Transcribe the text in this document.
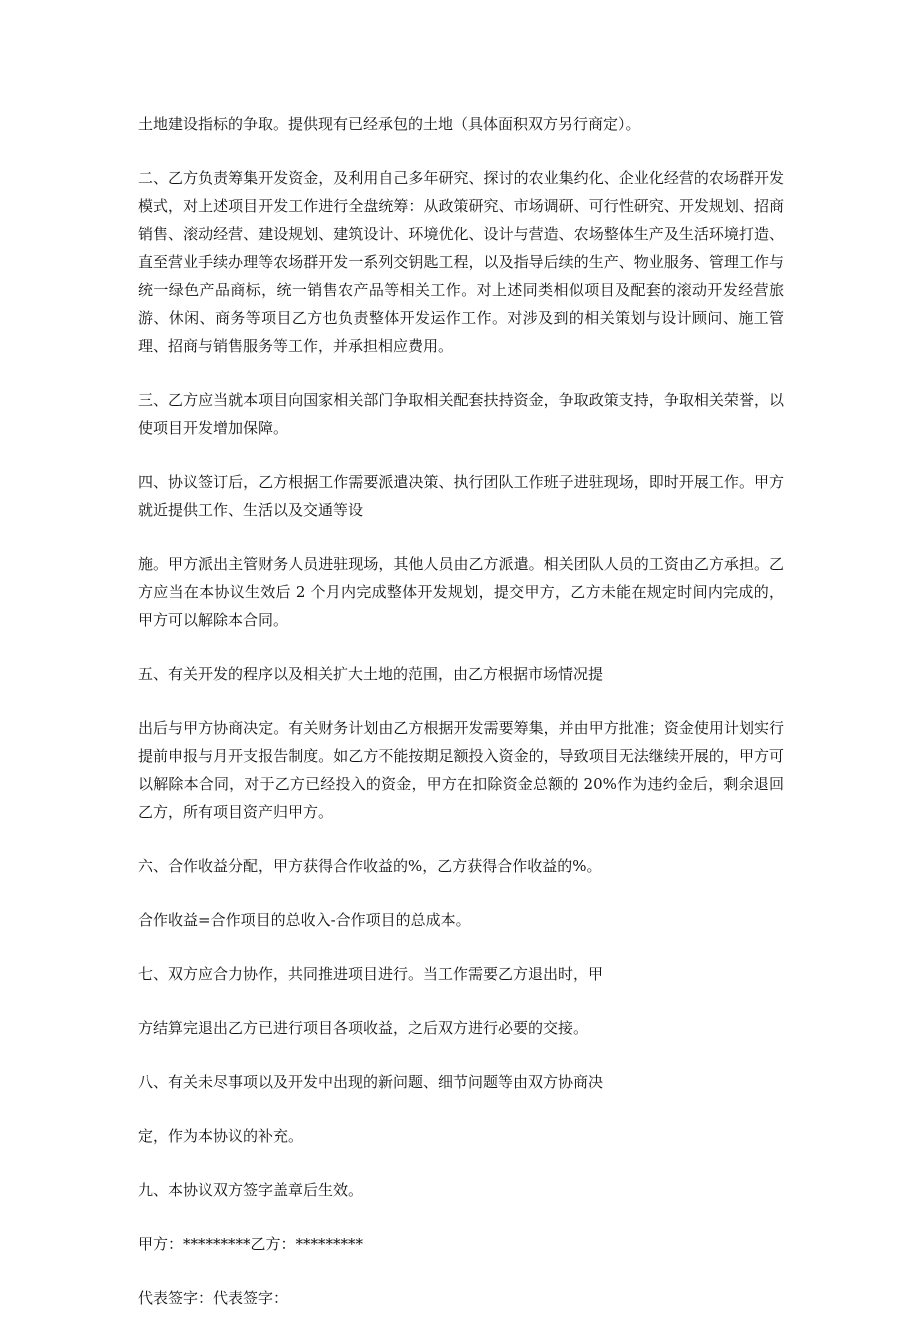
土地建设指标的争取。提供现有已经承包的土地（具体面积双方另行商定）。

二、乙方负责筹集开发资金，及利用自己多年研究、探讨的农业集约化、企业化经营的农场群开发模式，对上述项目开发工作进行全盘统筹：从政策研究、市场调研、可行性研究、开发规划、招商销售、滚动经营、建设规划、建筑设计、环境优化、设计与营造、农场整体生产及生活环境打造、直至营业手续办理等农场群开发一系列交钥匙工程，以及指导后续的生产、物业服务、管理工作与统一绿色产品商标，统一销售农产品等相关工作。对上述同类相似项目及配套的滚动开发经营旅游、休闲、商务等项目乙方也负责整体开发运作工作。对涉及到的相关策划与设计顾问、施工管理、招商与销售服务等工作，并承担相应费用。

三、乙方应当就本项目向国家相关部门争取相关配套扶持资金，争取政策支持，争取相关荣誉，以使项目开发增加保障。

四、协议签订后，乙方根据工作需要派遣决策、执行团队工作班子进驻现场，即时开展工作。甲方就近提供工作、生活以及交通等设

施。甲方派出主管财务人员进驻现场，其他人员由乙方派遣。相关团队人员的工资由乙方承担。乙方应当在本协议生效后 2 个月内完成整体开发规划，提交甲方，乙方未能在规定时间内完成的，甲方可以解除本合同。

五、有关开发的程序以及相关扩大土地的范围，由乙方根据市场情况提

出后与甲方协商决定。有关财务计划由乙方根据开发需要筹集，并由甲方批准；资金使用计划实行提前申报与月开支报告制度。如乙方不能按期足额投入资金的，导致项目无法继续开展的，甲方可以解除本合同，对于乙方已经投入的资金，甲方在扣除资金总额的 20%作为违约金后，剩余退回乙方，所有项目资产归甲方。

六、合作收益分配，甲方获得合作收益的%，乙方获得合作收益的%。

合作收益=合作项目的总收入-合作项目的总成本。

七、双方应合力协作，共同推进项目进行。当工作需要乙方退出时，甲

方结算完退出乙方已进行项目各项收益，之后双方进行必要的交接。

八、有关未尽事项以及开发中出现的新问题、细节问题等由双方协商决

定，作为本协议的补充。

九、本协议双方签字盖章后生效。

甲方：*********乙方：*********

代表签字：代表签字：
